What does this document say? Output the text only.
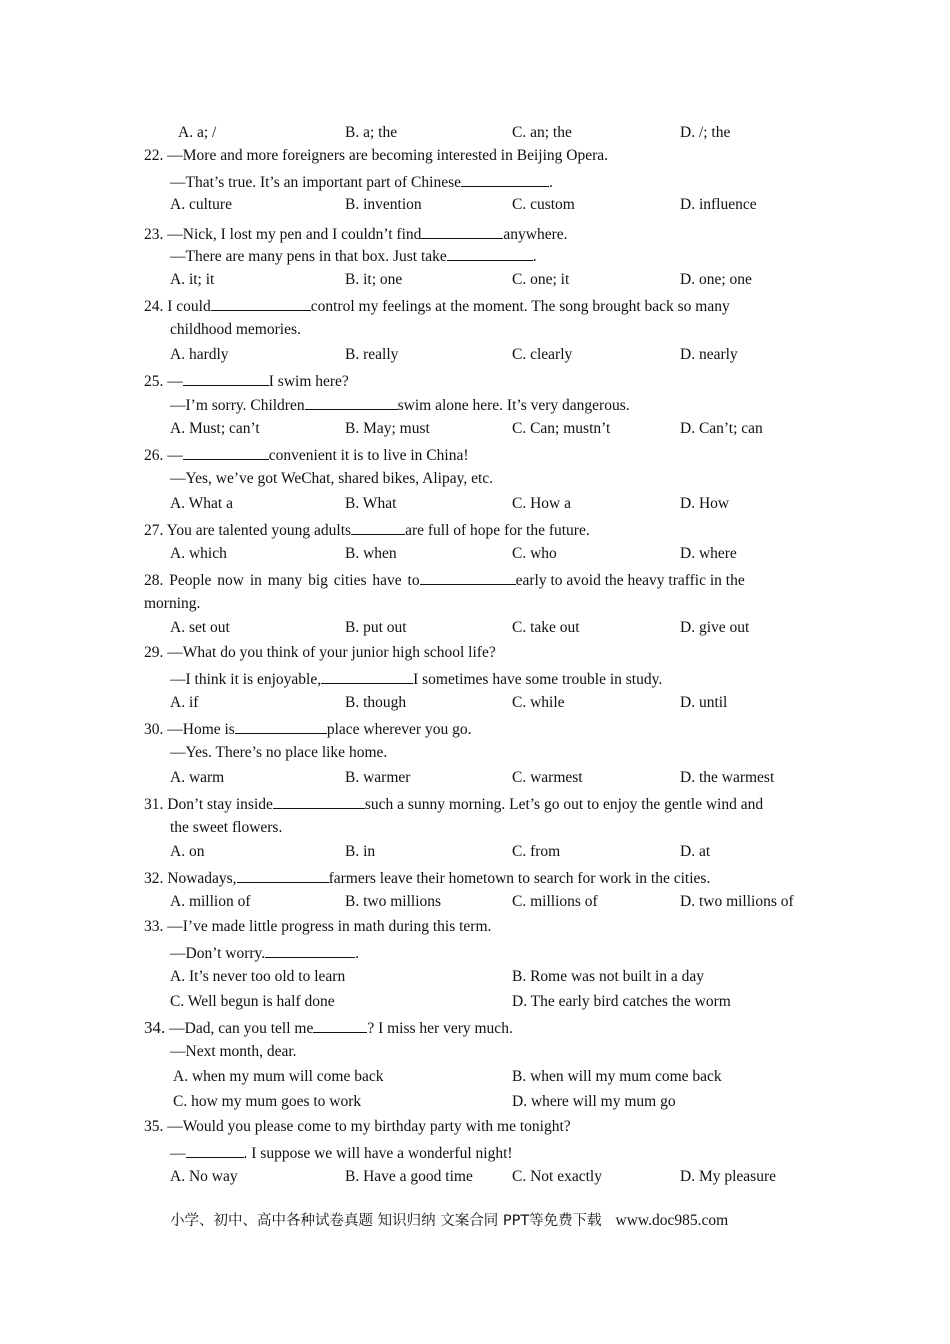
A. a; /	B. a; the	C. an; the	D. /; the
22. —More and more foreigners are becoming interested in Beijing Opera.
—That’s true. It’s an important part of Chinese	.
A. culture	B. invention	C. custom	D. influence
23. —Nick, I lost my pen and I couldn’t find	anywhere.
—There are many pens in that box. Just take	.
A. it; it	B. it; one	C. one; it	D. one; one
24. I could	control my feelings at the moment. The song brought back so many
childhood memories.
A. hardly	B. really	C. clearly	D. nearly
25. —	I swim here?
—I’m sorry. Children	swim alone here. It’s very dangerous.
A. Must; can’t	B. May; must	C. Can; mustn’t	D. Can’t; can
26. —	convenient it is to live in China!
—Yes, we’ve got WeChat, shared bikes, Alipay, etc.
A. What a	B. What	C. How a	D. How
27. You are talented young adults	are full of hope for the future.
A. which	B. when	C. who	D. where
28. People now in many big cities have to	early to avoid the heavy traffic in the
morning.
A. set out	B. put out	C. take out	D. give out
29. —What do you think of your junior high school life?
—I think it is enjoyable,	I sometimes have some trouble in study.
A. if	B. though	C. while	D. until
30. —Home is	place wherever you go.
—Yes. There’s no place like home.
A. warm	B. warmer	C. warmest	D. the warmest
31. Don’t stay inside	such a sunny morning. Let’s go out to enjoy the gentle wind and
the sweet flowers.
A. on	B. in	C. from	D. at
32. Nowadays,	farmers leave their hometown to search for work in the cities.
A. million of	B. two millions	C. millions of	D. two millions of
33. —I’ve made little progress in math during this term.
—Don’t worry.	.
A. It’s never too old to learn	B. Rome was not built in a day
C. Well begun is half done	D. The early bird catches the worm
34. —Dad, can you tell me	? I miss her very much.
—Next month, dear.
A. when my mum will come back	B. when will my mum come back
C. how my mum goes to work	D. where will my mum go
35. —Would you please come to my birthday party with me tonight?
—	. I suppose we will have a wonderful night!
A. No way	B. Have a good time	C. Not exactly	D. My pleasure
小学、初中、高中各种试卷真题 知识归纳 文案合同 PPT等免费下载 www.doc985.com
